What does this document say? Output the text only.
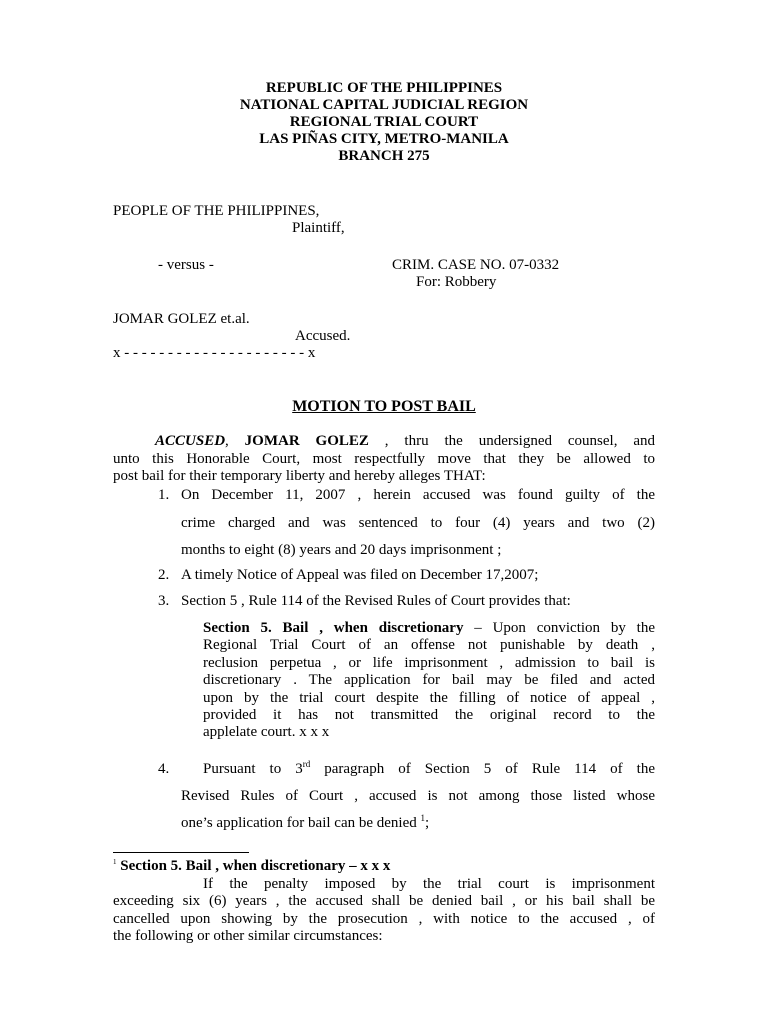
REPUBLIC OF THE PHILIPPINES
NATIONAL CAPITAL JUDICIAL REGION
REGIONAL TRIAL COURT
LAS PIÑAS CITY, METRO-MANILA
BRANCH 275
PEOPLE OF THE PHILIPPINES,
Plaintiff,
- versus -	CRIM. CASE NO. 07-0332
For: Robbery
JOMAR GOLEZ et.al.
Accused.
x - - - - - - - - - - - - - - - - - - - - - x
MOTION TO POST BAIL
ACCUSED, JOMAR GOLEZ , thru the undersigned counsel, and
unto this Honorable Court, most respectfully move that they be allowed to
post bail for their temporary liberty and hereby alleges THAT:
1. On December 11, 2007 , herein accused was found guilty of the
crime charged and was sentenced to four (4) years and two (2)
months to eight (8) years and 20 days imprisonment ;
2. A timely Notice of Appeal was filed on December 17,2007;
3. Section 5 , Rule 114 of the Revised Rules of Court provides that:
Section 5. Bail , when discretionary – Upon conviction by the
Regional Trial Court of an offense not punishable by death ,
reclusion perpetua , or life imprisonment , admission to bail is
discretionary . The application for bail may be filed and acted
upon by the trial court despite the filling of notice of appeal ,
provided it has not transmitted the original record to the
applelate court. x x x
4. Pursuant to 3rd paragraph of Section 5 of Rule 114 of the
Revised Rules of Court , accused is not among those listed whose
one’s application for bail can be denied $^1$;
$^1$ Section 5. Bail , when discretionary – x x x
If the penalty imposed by the trial court is imprisonment
exceeding six (6) years , the accused shall be denied bail , or his bail shall be
cancelled upon showing by the prosecution , with notice to the accused , of
the following or other similar circumstances:
